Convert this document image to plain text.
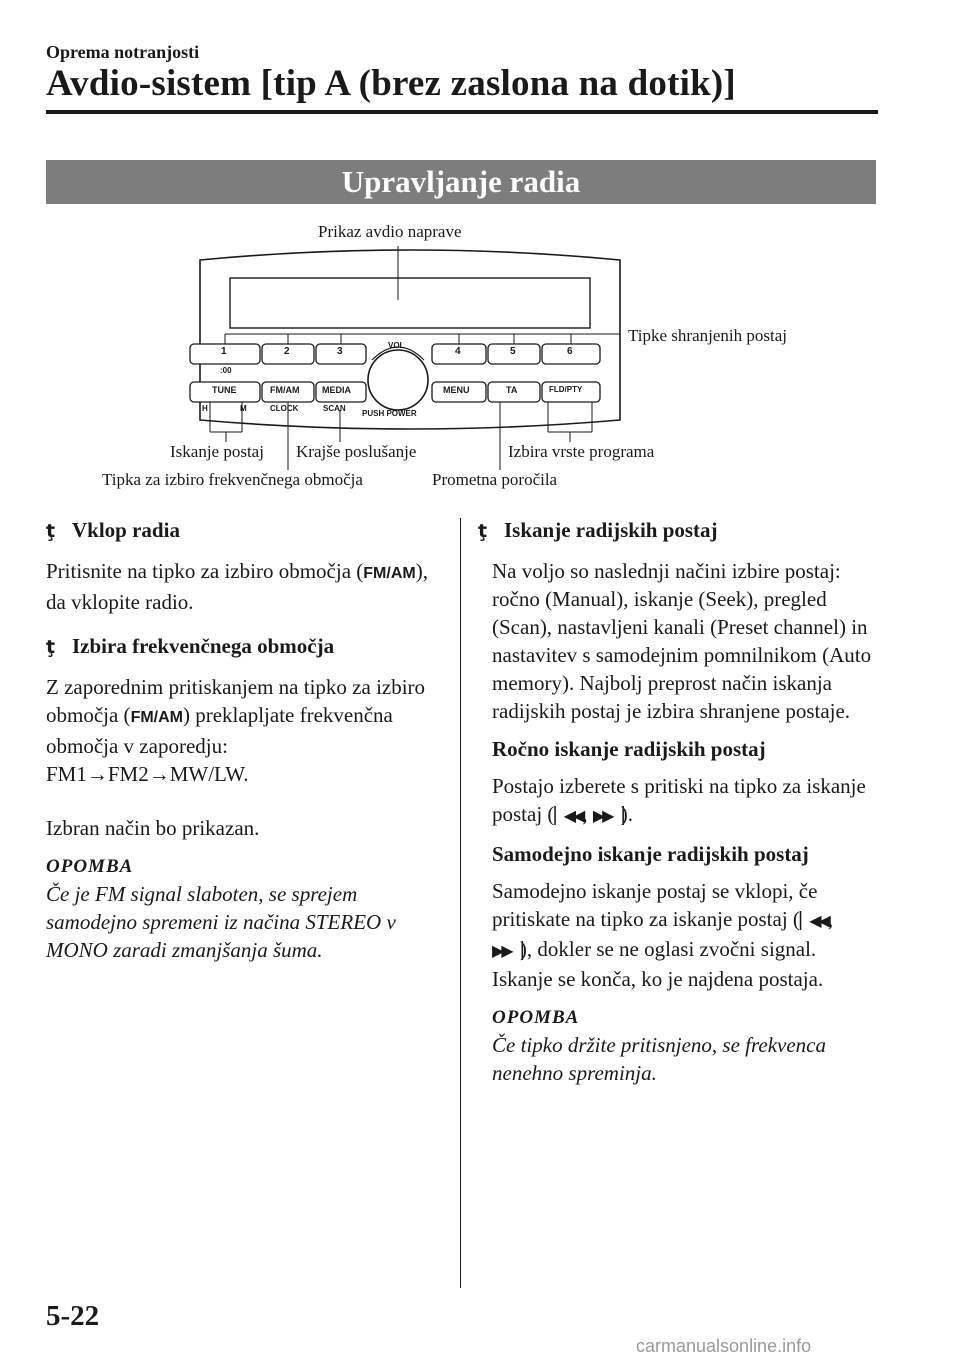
Oprema notranjosti
Avdio-sistem [tip A (brez zaslona na dotik)]
Upravljanje radia
1	2	3	4	5	6
:00
TUNE	FM/AM	MEDIA	MENU	TA	FLD/PTY
H	M	CLOCK	SCAN
VOL
PUSH POWER
Prikaz avdio naprave
Tipke shranjenih postaj
Iskanje postaj Krajše poslušanje	Izbira vrste programa
Tipka za izbiro frekvenčnega območja	Prometna poročila
ţ Vklop radia

Pritisnite na tipko za izbiro območja (FM/AM), da vklopite radio.

ţ Izbira frekvenčnega območja

Z zaporednim pritiskanjem na tipko za izbiro območja (FM/AM) preklapljate frekvenčna območja v zaporedju:

FM1→FM2→MW/LW.

Izbran način bo prikazan.

OPOMBA

Če je FM signal slaboten, se sprejem samodejno spremeni iz načina STEREO v MONO zaradi zmanjšanja šuma.

ţ Iskanje radijskih postaj

Na voljo so naslednji načini izbire postaj: ročno (Manual), iskanje (Seek), pregled (Scan), nastavljeni kanali (Preset channel) in nastavitev s samodejnim pomnilnikom (Auto memory). Najbolj preprost način iskanja radijskih postaj je izbira shranjene postaje.

Ročno iskanje radijskih postaj

Postajo izberete s pritiski na tipko za iskanje postaj (▏◀◀, ▶▶▕).

Samodejno iskanje radijskih postaj

Samodejno iskanje postaj se vklopi, če pritiskate na tipko za iskanje postaj (▏◀◀, ▶▶▕), dokler se ne oglasi zvočni signal. Iskanje se konča, ko je najdena postaja.

OPOMBA

Če tipko držite pritisnjeno, se frekvenca nenehno spreminja.

5-22
carmanualsonline.info
